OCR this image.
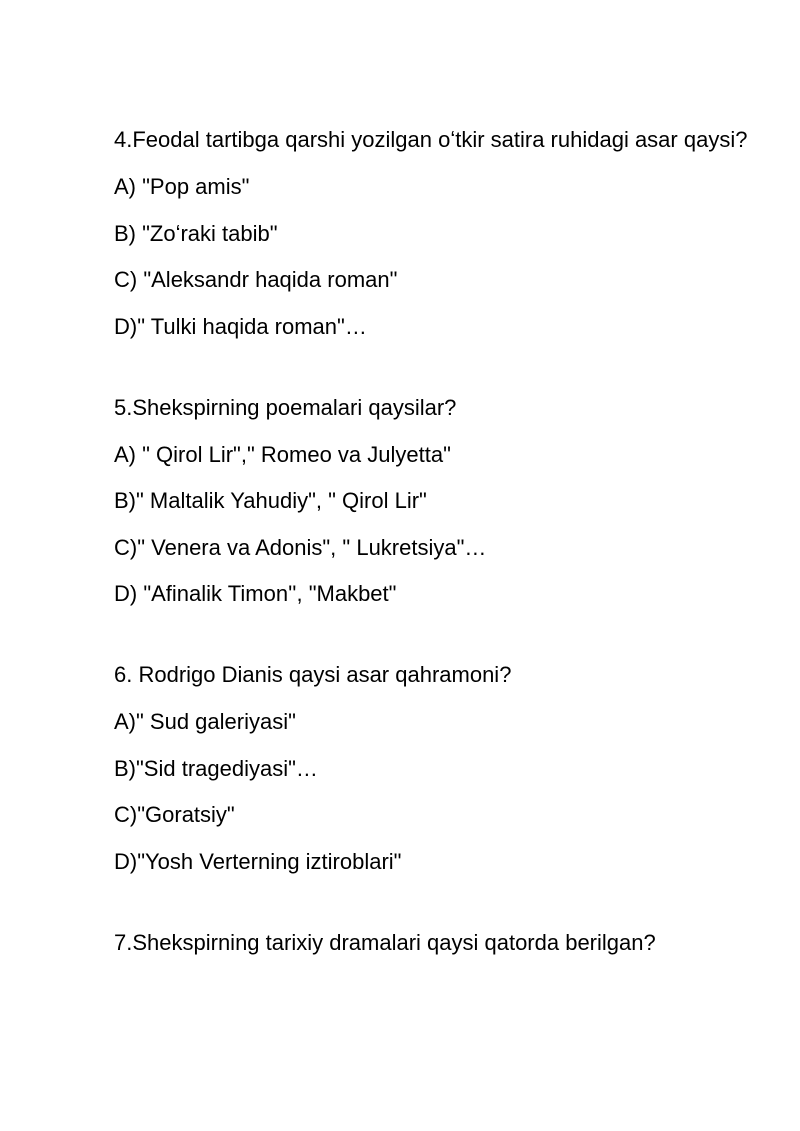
4.Feodal tartibga qarshi yozilgan oʻtkir satira ruhidagi asar qaysi?
A) "Pop amis"
B) "Zoʻraki tabib"
C) "Aleksandr haqida roman"
D)" Tulki haqida roman"…
5.Shekspirning poemalari qaysilar?
A) " Qirol Lir"," Romeo va Julyetta"
B)" Maltalik Yahudiy", " Qirol Lir"
C)" Venera va Adonis", " Lukretsiya"…
D) "Afinalik Timon'', "Makbet"
6. Rodrigo Dianis qaysi asar qahramoni?
A)" Sud galeriyasi"
B)"Sid tragediyasi"…
C)"Goratsiy"
D)"Yosh Verterning iztiroblari"
7.Shekspirning tarixiy dramalari qaysi qatorda berilgan?
